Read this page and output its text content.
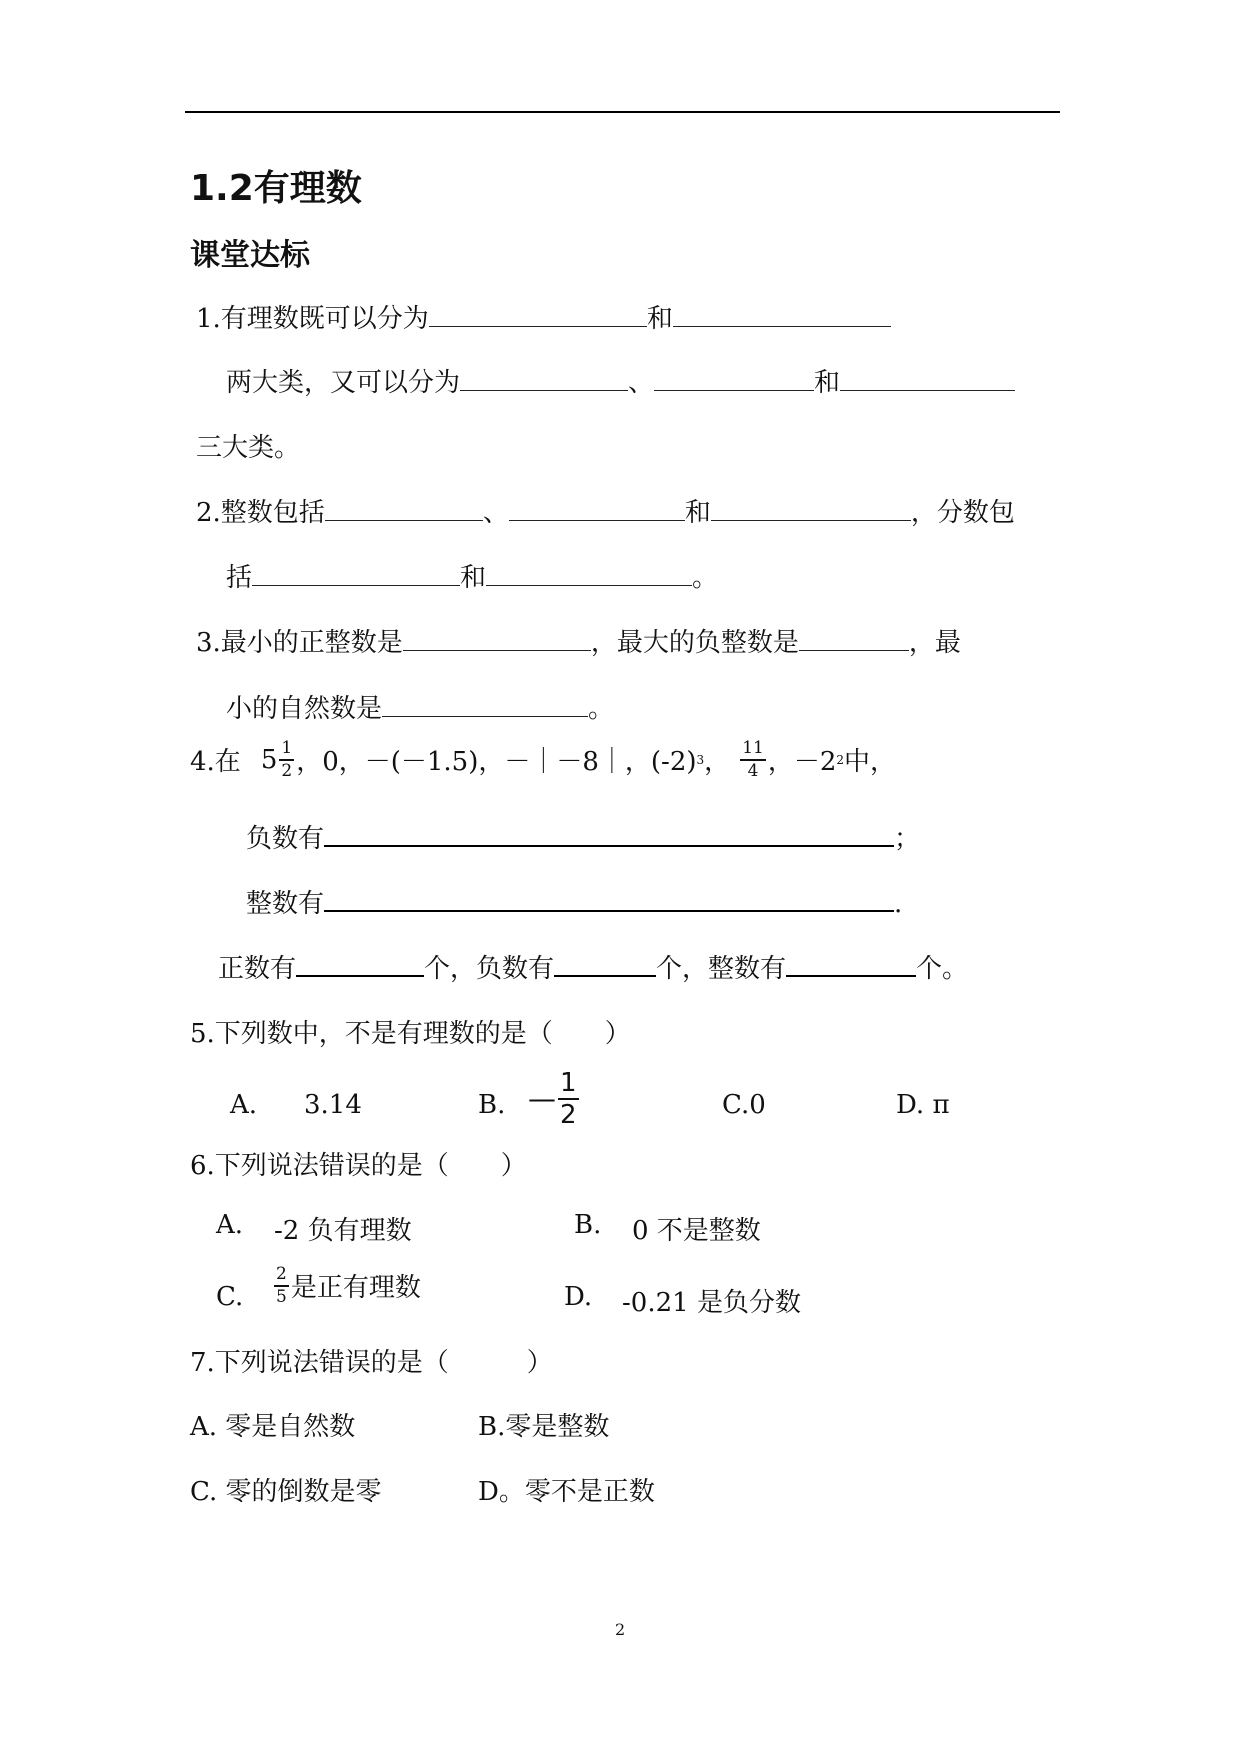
1.2有理数
课堂达标
1.有理数既可以分为	和
两大类，又可以分为	、	和
三大类。
2.整数包括	、	和	，分数包
括	和	。
3.最小的正整数是	，最大的负整数是	，最
小的自然数是	。
4.在 $5 \frac{1}{2}$ ，0，－(－1.5)，－｜－8｜，(-2) 3 ， $\frac{11}{4}$ ，－2 2 中，
负数有	；
整数有	.
正数有	个，负数有	个，整数有	个。
5.下列数中，不是有理数的是（　　）
A. 3.14	B. — $\frac{1}{2}$	C.0	D. π
6.下列说法错误的是（　　）
A. -2 负有理数	B. 0 不是整数
C. $\frac{2}{5}$ 是正有理数	D. -0.21 是负分数
7.下列说法错误的是（　　　）
A. 零是自然数	B.零是整数
C. 零的倒数是零	D。零不是正数
2
